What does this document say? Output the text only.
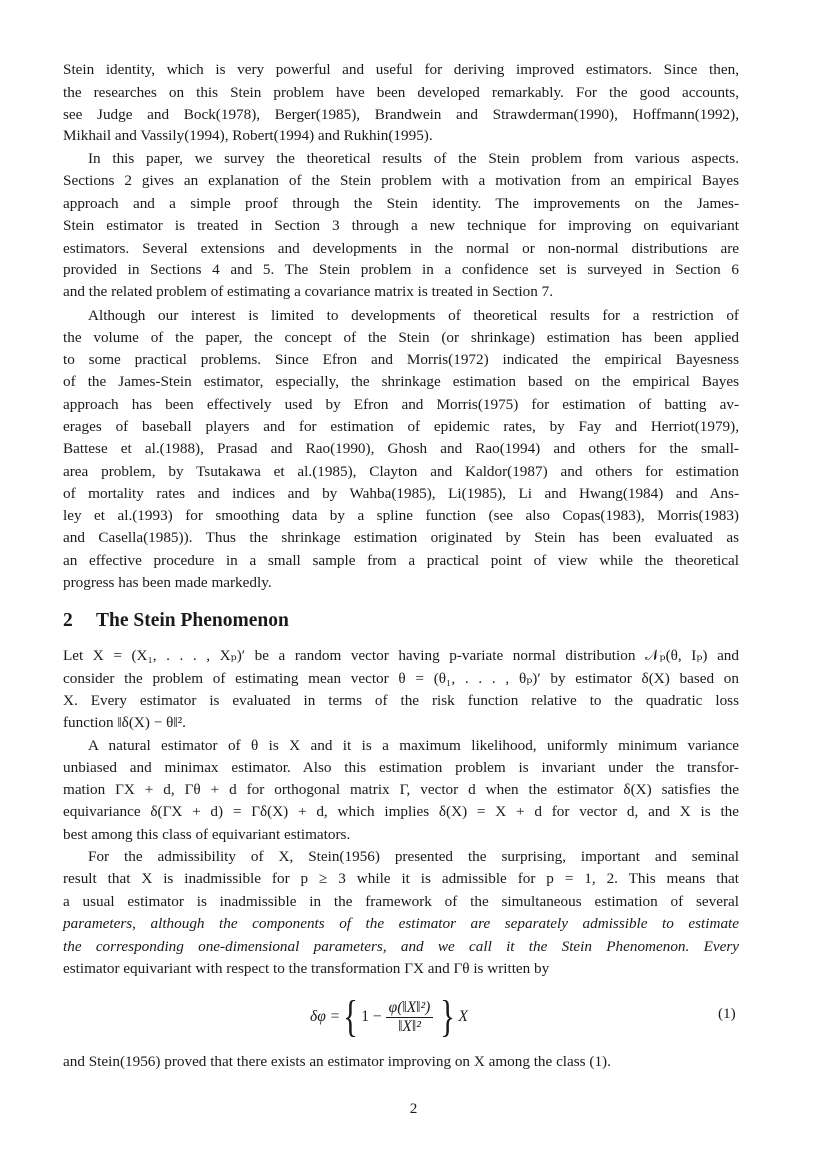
Stein identity, which is very powerful and useful for deriving improved estimators. Since then,
the researches on this Stein problem have been developed remarkably. For the good accounts,
see Judge and Bock(1978), Berger(1985), Brandwein and Strawderman(1990), Hoffmann(1992),
Mikhail and Vassily(1994), Robert(1994) and Rukhin(1995).
In this paper, we survey the theoretical results of the Stein problem from various aspects.
Sections 2 gives an explanation of the Stein problem with a motivation from an empirical Bayes
approach and a simple proof through the Stein identity. The improvements on the James-
Stein estimator is treated in Section 3 through a new technique for improving on equivariant
estimators. Several extensions and developments in the normal or non-normal distributions are
provided in Sections 4 and 5. The Stein problem in a confidence set is surveyed in Section 6
and the related problem of estimating a covariance matrix is treated in Section 7.
Although our interest is limited to developments of theoretical results for a restriction of
the volume of the paper, the concept of the Stein (or shrinkage) estimation has been applied
to some practical problems. Since Efron and Morris(1972) indicated the empirical Bayesness
of the James-Stein estimator, especially, the shrinkage estimation based on the empirical Bayes
approach has been effectively used by Efron and Morris(1975) for estimation of batting av-
erages of baseball players and for estimation of epidemic rates, by Fay and Herriot(1979),
Battese et al.(1988), Prasad and Rao(1990), Ghosh and Rao(1994) and others for the small-
area problem, by Tsutakawa et al.(1985), Clayton and Kaldor(1987) and others for estimation
of mortality rates and indices and by Wahba(1985), Li(1985), Li and Hwang(1984) and Ans-
ley et al.(1993) for smoothing data by a spline function (see also Copas(1983), Morris(1983)
and Casella(1985)). Thus the shrinkage estimation originated by Stein has been evaluated as
an effective procedure in a small sample from a practical point of view while the theoretical
progress has been made markedly.
2 The Stein Phenomenon
Let X = (X₁, . . . , Xₚ)′ be a random vector having p-variate normal distribution 𝒩ₚ(θ, Iₚ) and
consider the problem of estimating mean vector θ = (θ₁, . . . , θₚ)′ by estimator δ(X) based on
X. Every estimator is evaluated in terms of the risk function relative to the quadratic loss
function ‖δ(X) − θ‖².
A natural estimator of θ is X and it is a maximum likelihood, uniformly minimum variance
unbiased and minimax estimator. Also this estimation problem is invariant under the transfor-
mation ΓX + d, Γθ + d for orthogonal matrix Γ, vector d when the estimator δ(X) satisfies the
equivariance δ(ΓX + d) = Γδ(X) + d, which implies δ(X) = X + d for vector d, and X is the
best among this class of equivariant estimators.
For the admissibility of X, Stein(1956) presented the surprising, important and seminal
result that X is inadmissible for p ≥ 3 while it is admissible for p = 1, 2. This means that
a usual estimator is inadmissible in the framework of the simultaneous estimation of several
parameters, although the components of the estimator are separately admissible to estimate
the corresponding one-dimensional parameters, and we call it the Stein Phenomenon. Every
estimator equivariant with respect to the transformation ΓX and Γθ is written by
δφ = { $1 - \frac{\text{φ(‖X‖²)}}{\text{‖X‖²}}$ } X	(1)
and Stein(1956) proved that there exists an estimator improving on X among the class (1).
2
